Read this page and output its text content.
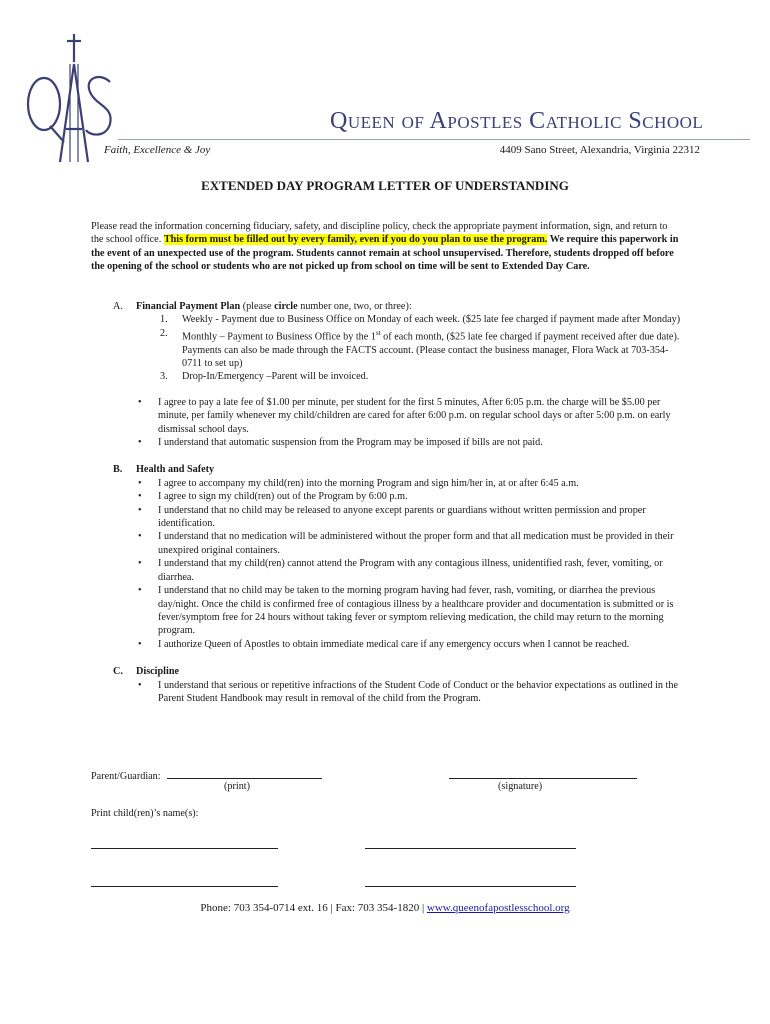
Queen of Apostles Catholic School
Faith, Excellence & Joy	4409 Sano Street, Alexandria, Virginia 22312
EXTENDED DAY PROGRAM LETTER OF UNDERSTANDING
Please read the information concerning fiduciary, safety, and discipline policy, check the appropriate payment information, sign, and return to the school office. This form must be filled out by every family, even if you do you plan to use the program. We require this paperwork in the event of an unexpected use of the program. Students cannot remain at school unsupervised. Therefore, students dropped off before the opening of the school or students who are not picked up from school on time will be sent to Extended Day Care.
A.	Financial Payment Plan (please circle number one, two, or three):
1.	Weekly - Payment due to Business Office on Monday of each week. ($25 late fee charged if payment made after Monday)
2.	Monthly – Payment to Business Office by the 1st of each month, ($25 late fee charged if payment received after due date). Payments can also be made through the FACTS account. (Please contact the business manager, Flora Wack at 703-354-0711 to set up)
3.	Drop-In/Emergency –Parent will be invoiced.
•	I agree to pay a late fee of $1.00 per minute, per student for the first 5 minutes, After 6:05 p.m. the charge will be $5.00 per minute, per family whenever my child/children are cared for after 6:00 p.m. on regular school days or after 5:00 p.m. on early dismissal school days.
•	I understand that automatic suspension from the Program may be imposed if bills are not paid.
B.	Health and Safety
•	I agree to accompany my child(ren) into the morning Program and sign him/her in, at or after 6:45 a.m.
•	I agree to sign my child(ren) out of the Program by 6:00 p.m.
•	I understand that no child may be released to anyone except parents or guardians without written permission and proper identification.
•	I understand that no medication will be administered without the proper form and that all medication must be provided in their unexpired original containers.
•	I understand that my child(ren) cannot attend the Program with any contagious illness, unidentified rash, fever, vomiting, or diarrhea.
•	I understand that no child may be taken to the morning program having had fever, rash, vomiting, or diarrhea the previous day/night. Once the child is confirmed free of contagious illness by a healthcare provider and documentation is submitted or is fever/symptom free for 24 hours without taking fever or symptom relieving medication, the child may return to the morning program.
•	I authorize Queen of Apostles to obtain immediate medical care if any emergency occurs when I cannot be reached.
C.	Discipline
•	I understand that serious or repetitive infractions of the Student Code of Conduct or the behavior expectations as outlined in the Parent Student Handbook may result in removal of the child from the Program.
Parent/Guardian:
(print)	(signature)
Print child(ren)’s name(s):

Phone: 703 354-0714 ext. 16 | Fax: 703 354-1820 | www.queenofapostlesschool.org
